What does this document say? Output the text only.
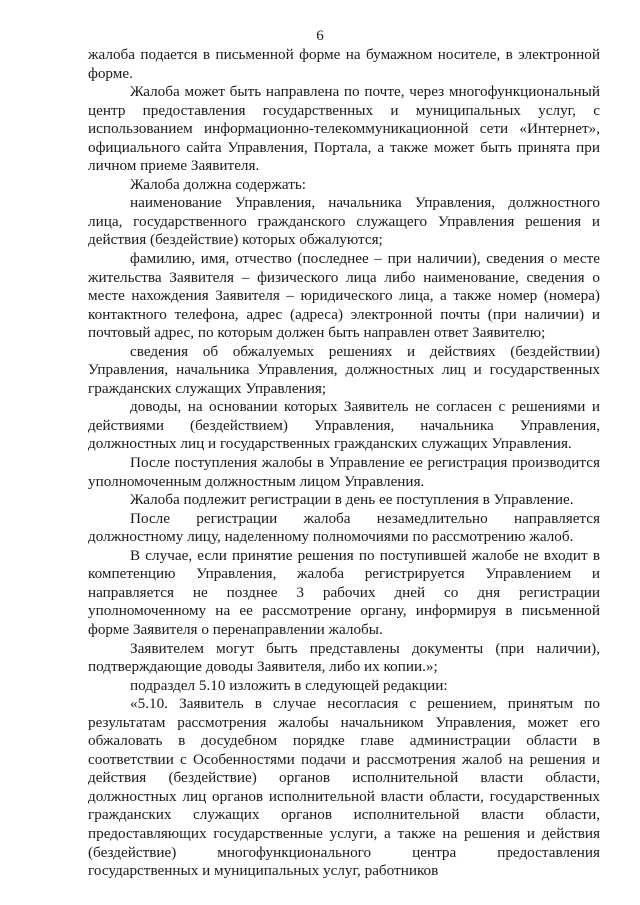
6

жалоба подается в письменной форме на бумажном носителе, в электронной форме.

Жалоба может быть направлена по почте, через многофункциональный центр предоставления государственных и муниципальных услуг, с использованием информационно-телекоммуникационной сети «Интернет», официального сайта Управления, Портала, а также может быть принята при личном приеме Заявителя.

Жалоба должна содержать:

наименование Управления, начальника Управления, должностного лица, государственного гражданского служащего Управления решения и действия (бездействие) которых обжалуются;

фамилию, имя, отчество (последнее – при наличии), сведения о месте жительства Заявителя – физического лица либо наименование, сведения о месте нахождения Заявителя – юридического лица, а также номер (номера) контактного телефона, адрес (адреса) электронной почты (при наличии) и почтовый адрес, по которым должен быть направлен ответ Заявителю;

сведения об обжалуемых решениях и действиях (бездействии) Управления, начальника Управления, должностных лиц и государственных гражданских служащих Управления;

доводы, на основании которых Заявитель не согласен с решениями и действиями (бездействием) Управления, начальника Управления, должностных лиц и государственных гражданских служащих Управления.

После поступления жалобы в Управление ее регистрация производится уполномоченным должностным лицом Управления.

Жалоба подлежит регистрации в день ее поступления в Управление.

После регистрации жалоба незамедлительно направляется должностному лицу, наделенному полномочиями по рассмотрению жалоб.

В случае, если принятие решения по поступившей жалобе не входит в компетенцию Управления, жалоба регистрируется Управлением и направляется не позднее 3 рабочих дней со дня регистрации уполномоченному на ее рассмотрение органу, информируя в письменной форме Заявителя о перенаправлении жалобы.

Заявителем могут быть представлены документы (при наличии), подтверждающие доводы Заявителя, либо их копии.»;

подраздел 5.10 изложить в следующей редакции:

«5.10. Заявитель в случае несогласия с решением, принятым по результатам рассмотрения жалобы начальником Управления, может его обжаловать в досудебном порядке главе администрации области в соответствии с Особенностями подачи и рассмотрения жалоб на решения и действия (бездействие) органов исполнительной власти области, должностных лиц органов исполнительной власти области, государственных гражданских служащих органов исполнительной власти области, предоставляющих государственные услуги, а также на решения и действия (бездействие) многофункционального центра предоставления государственных и муниципальных услуг, работников
